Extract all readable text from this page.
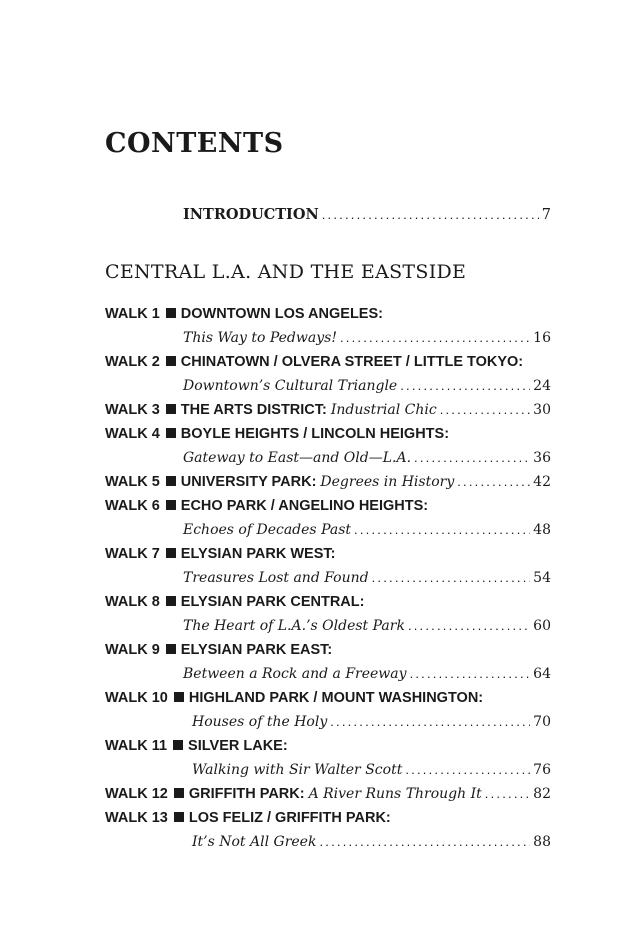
CONTENTS
INTRODUCTION .....	7
CENTRAL L.A. AND THE EASTSIDE
WALK 1 DOWNTOWN LOS ANGELES:
This Way to Pedways! .....	16
WALK 2 CHINATOWN / OLVERA STREET / LITTLE TOKYO:
Downtown’s Cultural Triangle .....	24
WALK 3 THE ARTS DISTRICT: Industrial Chic .....	30
WALK 4 BOYLE HEIGHTS / LINCOLN HEIGHTS:
Gateway to East—and Old—L.A. .....	36
WALK 5 UNIVERSITY PARK: Degrees in History .....	42
WALK 6 ECHO PARK / ANGELINO HEIGHTS:
Echoes of Decades Past .....	48
WALK 7 ELYSIAN PARK WEST:
Treasures Lost and Found .....	54
WALK 8 ELYSIAN PARK CENTRAL:
The Heart of L.A.’s Oldest Park .....	60
WALK 9 ELYSIAN PARK EAST:
Between a Rock and a Freeway .....	64
WALK 10 HIGHLAND PARK / MOUNT WASHINGTON:
Houses of the Holy .....	70
WALK 11 SILVER LAKE:
Walking with Sir Walter Scott .....	76
WALK 12 GRIFFITH PARK: A River Runs Through It .....	82
WALK 13 LOS FELIZ / GRIFFITH PARK:
It’s Not All Greek .....	88
